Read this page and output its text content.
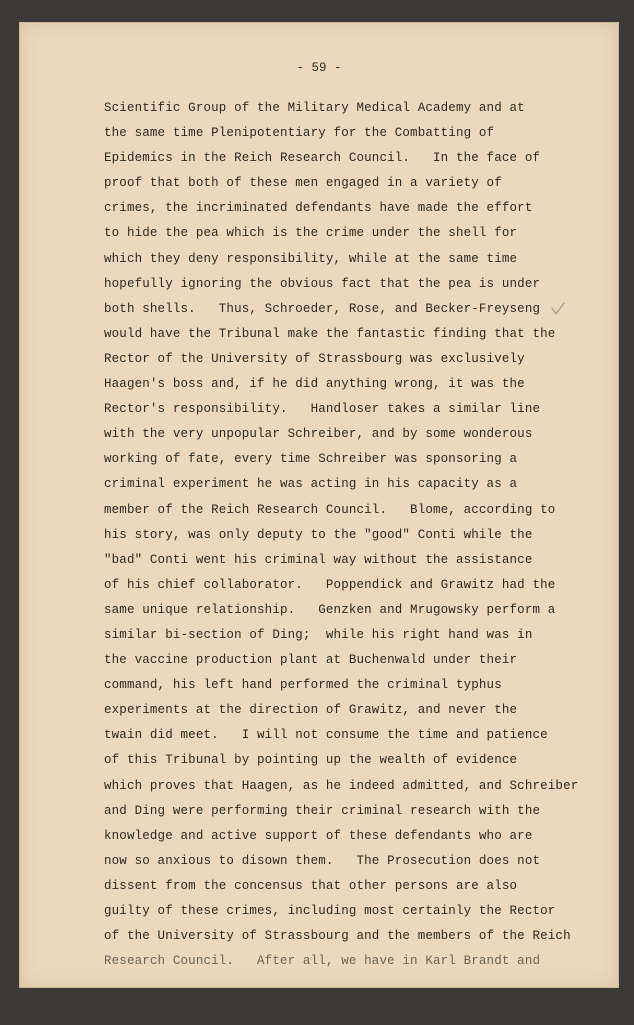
- 59 -
Scientific Group of the Military Medical Academy and at
the same time Plenipotentiary for the Combatting of
Epidemics in the Reich Research Council.   In the face of
proof that both of these men engaged in a variety of
crimes, the incriminated defendants have made the effort
to hide the pea which is the crime under the shell for
which they deny responsibility, while at the same time
hopefully ignoring the obvious fact that the pea is under
both shells.   Thus, Schroeder, Rose, and Becker-Freyseng
would have the Tribunal make the fantastic finding that the
Rector of the University of Strassbourg was exclusively
Haagen's boss and, if he did anything wrong, it was the
Rector's responsibility.   Handloser takes a similar line
with the very unpopular Schreiber, and by some wonderous
working of fate, every time Schreiber was sponsoring a
criminal experiment he was acting in his capacity as a
member of the Reich Research Council.   Blome, according to
his story, was only deputy to the "good" Conti while the
"bad" Conti went his criminal way without the assistance
of his chief collaborator.   Poppendick and Grawitz had the
same unique relationship.   Genzken and Mrugowsky perform a
similar bi-section of Ding;  while his right hand was in
the vaccine production plant at Buchenwald under their
command, his left hand performed the criminal typhus
experiments at the direction of Grawitz, and never the
twain did meet.   I will not consume the time and patience
of this Tribunal by pointing up the wealth of evidence
which proves that Haagen, as he indeed admitted, and Schreiber
and Ding were performing their criminal research with the
knowledge and active support of these defendants who are
now so anxious to disown them.   The Prosecution does not
dissent from the concensus that other persons are also
guilty of these crimes, including most certainly the Rector
of the University of Strassbourg and the members of the Reich
Research Council.   After all, we have in Karl Brandt and
